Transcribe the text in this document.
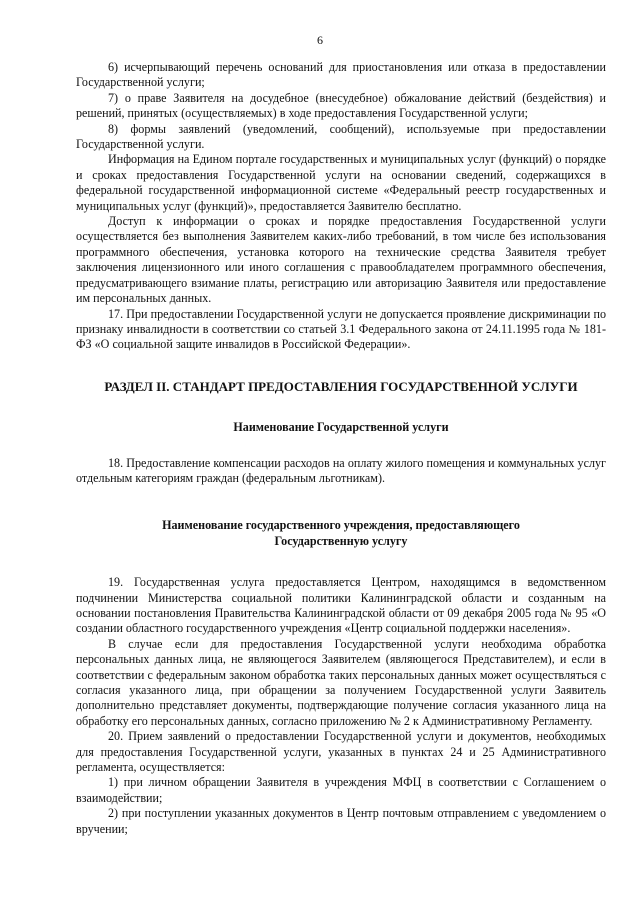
6

6) исчерпывающий перечень оснований для приостановления или отказа в предоставлении Государственной услуги;

7) о праве Заявителя на досудебное (внесудебное) обжалование действий (бездействия) и решений, принятых (осуществляемых) в ходе предоставления Государственной услуги;

8) формы заявлений (уведомлений, сообщений), используемые при предоставлении Государственной услуги.

Информация на Едином портале государственных и муниципальных услуг (функций) о порядке и сроках предоставления Государственной услуги на основании сведений, содержащихся в федеральной государственной информационной системе «Федеральный реестр государственных и муниципальных услуг (функций)», предоставляется Заявителю бесплатно.

Доступ к информации о сроках и порядке предоставления Государственной услуги осуществляется без выполнения Заявителем каких-либо требований, в том числе без использования программного обеспечения, установка которого на технические средства Заявителя требует заключения лицензионного или иного соглашения с правообладателем программного обеспечения, предусматривающего взимание платы, регистрацию или авторизацию Заявителя или предоставление им персональных данных.

17. При предоставлении Государственной услуги не допускается проявление дискриминации по признаку инвалидности в соответствии со статьей 3.1 Федерального закона от 24.11.1995 года № 181-ФЗ «О социальной защите инвалидов в Российской Федерации».

РАЗДЕЛ II. СТАНДАРТ ПРЕДОСТАВЛЕНИЯ ГОСУДАРСТВЕННОЙ УСЛУГИ

Наименование Государственной услуги

18. Предоставление компенсации расходов на оплату жилого помещения и коммунальных услуг отдельным категориям граждан (федеральным льготникам).

Наименование государственного учреждения, предоставляющего

Государственную услугу

19. Государственная услуга предоставляется Центром, находящимся в ведомственном подчинении Министерства социальной политики Калининградской области и созданным на основании постановления Правительства Калининградской области от 09 декабря 2005 года № 95 «О создании областного государственного учреждения «Центр социальной поддержки населения».

В случае если для предоставления Государственной услуги необходима обработка персональных данных лица, не являющегося Заявителем (являющегося Представителем), и если в соответствии с федеральным законом обработка таких персональных данных может осуществляться с согласия указанного лица, при обращении за получением Государственной услуги Заявитель дополнительно представляет документы, подтверждающие получение согласия указанного лица на обработку его персональных данных, согласно приложению № 2 к Административному Регламенту.

20. Прием заявлений о предоставлении Государственной услуги и документов, необходимых для предоставления Государственной услуги, указанных в пунктах 24 и 25 Административного регламента, осуществляется:

1) при личном обращении Заявителя в учреждения МФЦ в соответствии с Соглашением о взаимодействии;

2) при поступлении указанных документов в Центр почтовым отправлением с уведомлением о вручении;
